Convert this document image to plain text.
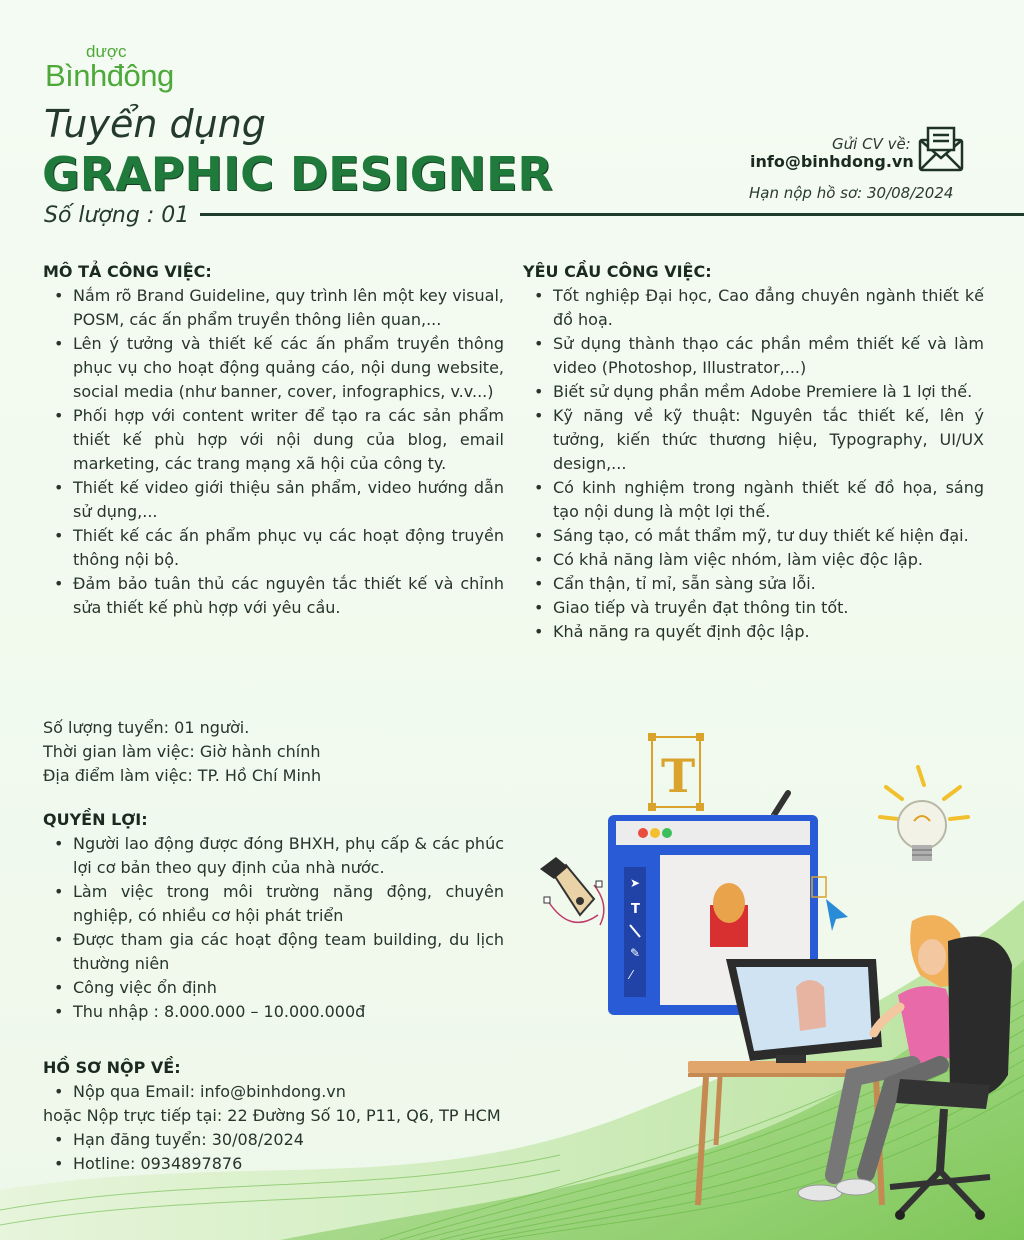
dược
Bìnhđông
Tuyển dụng
GRAPHIC DESIGNER
Số lượng : 01
Gửi CV về:
info@binhdong.vn
Hạn nộp hồ sơ: 30/08/2024
MÔ TẢ CÔNG VIỆC:
• Nắm rõ Brand Guideline, quy trình lên một key visual, POSM, các ấn phẩm truyền thông liên quan,...
• Lên ý tưởng và thiết kế các ấn phẩm truyền thông phục vụ cho hoạt động quảng cáo, nội dung website, social media (như banner, cover, infographics, v.v...)
• Phối hợp với content writer để tạo ra các sản phẩm thiết kế phù hợp với nội dung của blog, email marketing, các trang mạng xã hội của công ty.
• Thiết kế video giới thiệu sản phẩm, video hướng dẫn sử dụng,...
• Thiết kế các ấn phẩm phục vụ các hoạt động truyền thông nội bộ.
• Đảm bảo tuân thủ các nguyên tắc thiết kế và chỉnh sửa thiết kế phù hợp với yêu cầu.
YÊU CẦU CÔNG VIỆC:
• Tốt nghiệp Đại học, Cao đẳng chuyên ngành thiết kế đồ hoạ.
• Sử dụng thành thạo các phần mềm thiết kế và làm video (Photoshop, Illustrator,...)
• Biết sử dụng phần mềm Adobe Premiere là 1 lợi thế.
• Kỹ năng về kỹ thuật: Nguyên tắc thiết kế, lên ý tưởng, kiến thức thương hiệu, Typography, UI/UX design,...
• Có kinh nghiệm trong ngành thiết kế đồ họa, sáng tạo nội dung là một lợi thế.
• Sáng tạo, có mắt thẩm mỹ, tư duy thiết kế hiện đại.
• Có khả năng làm việc nhóm, làm việc độc lập.
• Cẩn thận, tỉ mỉ, sẵn sàng sửa lỗi.
• Giao tiếp và truyền đạt thông tin tốt.
• Khả năng ra quyết định độc lập.
Số lượng tuyển: 01 người.
Thời gian làm việc: Giờ hành chính
Địa điểm làm việc: TP. Hồ Chí Minh
QUYỀN LỢI:
• Người lao động được đóng BHXH, phụ cấp & các phúc lợi cơ bản theo quy định của nhà nước.
• Làm việc trong môi trường năng động, chuyên nghiệp, có nhiều cơ hội phát triển
• Được tham gia các hoạt động team building, du lịch thường niên
• Công việc ổn định
• Thu nhập : 8.000.000 – 10.000.000đ
HỒ SƠ NỘP VỀ:
• Nộp qua Email: info@binhdong.vn
hoặc Nộp trực tiếp tại: 22 Đường Số 10, P11, Q6, TP HCM
• Hạn đăng tuyển: 30/08/2024
• Hotline: 0934897876
T
➤
T
✎
⁄
